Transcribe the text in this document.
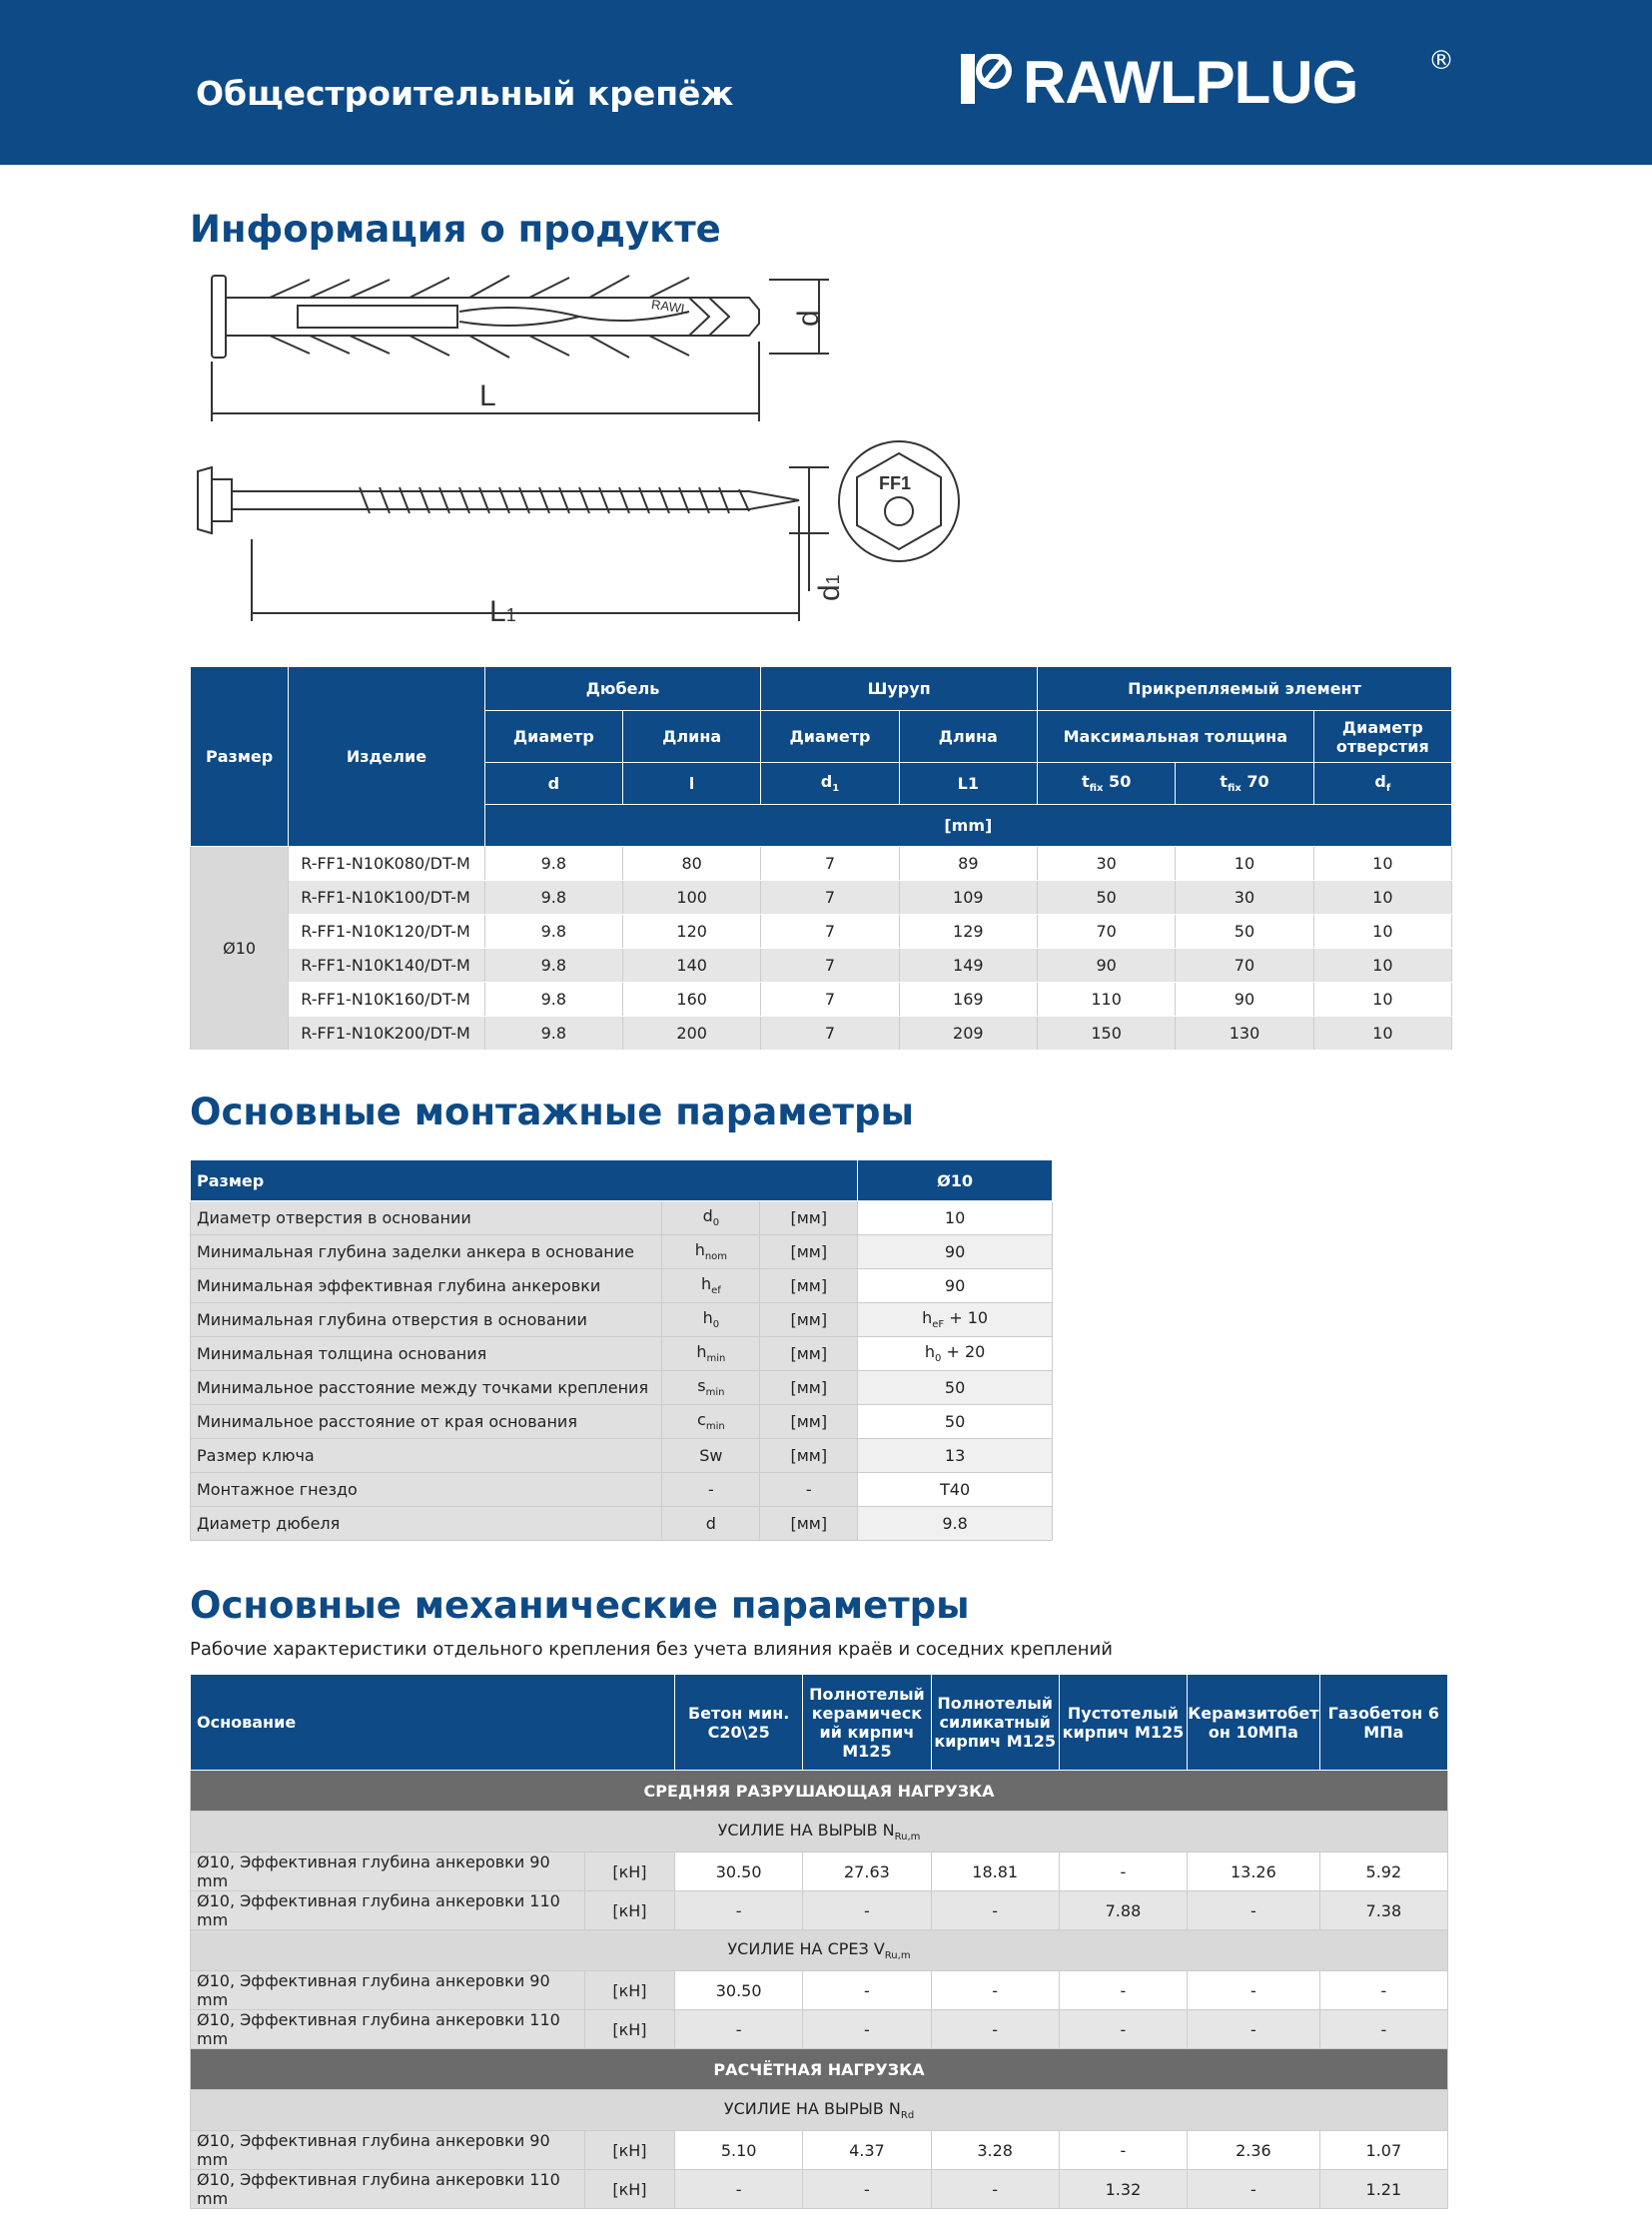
Общестроительный крепёж	RAWLPLUG	®
Информация о продукте
RAWL
L
d
FF1
L1
d1
Размер	Изделие	Дюбель		Шуруп		Прикрепляемый элемент		
		Диаметр	Длина	Диаметр	Длина	Максимальная толщина		Диаметр отверстия
		d	l	$d_1$	L1	$t_{fix}$ 50	$t_{fix}$ 70	$d_f$
		[mm]						
Ø10	R-FF1-N10K080/DT-M	9.8	80	7	89	30	10	10
	R-FF1-N10K100/DT-M	9.8	100	7	109	50	30	10
	R-FF1-N10K120/DT-M	9.8	120	7	129	70	50	10
	R-FF1-N10K140/DT-M	9.8	140	7	149	90	70	10
	R-FF1-N10K160/DT-M	9.8	160	7	169	110	90	10
	R-FF1-N10K200/DT-M	9.8	200	7	209	150	130	10
Основные монтажные параметры
Размер			Ø10
Диаметр отверстия в основании	$d_0$	[мм]	10
Минимальная глубина заделки анкера в основание	$h_{nom}$	[мм]	90
Минимальная эффективная глубина анкеровки	$h_{ef}$	[мм]	90
Минимальная глубина отверстия в основании	$h_0$	[мм]	$h_{eF} + 10$
Минимальная толщина основания	$h_{min}$	[мм]	$h_0 + 20$
Минимальное расстояние между точками крепления	$s_{min}$	[мм]	50
Минимальное расстояние от края основания	$c_{min}$	[мм]	50
Размер ключа	Sw	[мм]	13
Монтажное гнездо	-	-	T40
Диаметр дюбеля	d	[мм]	9.8
Основные механические параметры
Рабочие характеристики отдельного крепления без учета влияния краёв и соседних креплений
Основание		Бетон мин. C20\25	Полнотелый керамическ ий кирпич M125	Полнотелый силикатный кирпич M125	Пустотелый кирпич M125	Керамзитобет он 10МПа	Газобетон 6 МПа
СРЕДНЯЯ РАЗРУШАЮЩАЯ НАГРУЗКА							
УСИЛИЕ НА ВЫРЫВ $N_{Ru,m}$
Ø10, Эффективная глубина анкеровки 90 mm	[кН]	30.50	27.63	18.81	-	13.26	5.92
Ø10, Эффективная глубина анкеровки 110 mm	[кН]	-	-	-	7.88	-	7.38
УСИЛИЕ НА СРЕЗ $V_{Ru,m}$
Ø10, Эффективная глубина анкеровки 90 mm	[кН]	30.50	-	-	-	-	-
Ø10, Эффективная глубина анкеровки 110 mm	[кН]	-	-	-	-	-	-
РАСЧЁТНАЯ НАГРУЗКА							
УСИЛИЕ НА ВЫРЫВ $N_{Rd}$
Ø10, Эффективная глубина анкеровки 90 mm	[кН]	5.10	4.37	3.28	-	2.36	1.07
Ø10, Эффективная глубина анкеровки 110 mm	[кН]	-	-	-	1.32	-	1.21
